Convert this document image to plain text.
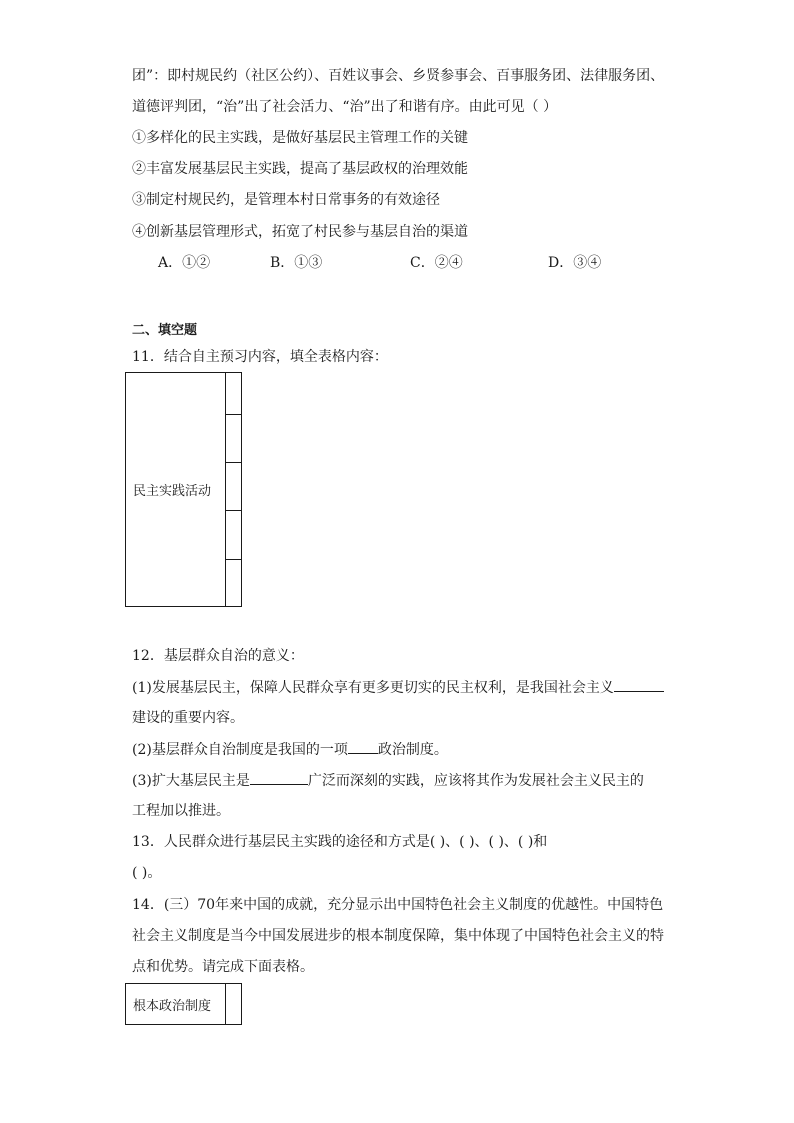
团”：即村规民约（社区公约）、百姓议事会、乡贤参事会、百事服务团、法律服务团、
道德评判团，“治”出了社会活力、“治”出了和谐有序。由此可见（ ）
①多样化的民主实践，是做好基层民主管理工作的关键
②丰富发展基层民主实践，提高了基层政权的治理效能
③制定村规民约，是管理本村日常事务的有效途径
④创新基层管理形式，拓宽了村民参与基层自治的渠道
A．①②	B．①③	C．②④	D．③④
二、填空题
11．结合自主预习内容，填全表格内容：
民主实践活动	

12．基层群众自治的意义：
(1)发展基层民主，保障人民群众享有更多更切实的民主权利，是我国社会主义
建设的重要内容。
(2)基层群众自治制度是我国的一项 政治制度。
(3)扩大基层民主是	广泛而深刻的实践，应该将其作为发展社会主义民主的
工程加以推进。
13．人民群众进行基层民主实践的途径和方式是( )、( )、( )、( )和
( )。
14．(三）70年来中国的成就，充分显示出中国特色社会主义制度的优越性。中国特色
社会主义制度是当今中国发展进步的根本制度保障，集中体现了中国特色社会主义的特
点和优势。请完成下面表格。
根本政治制度	
